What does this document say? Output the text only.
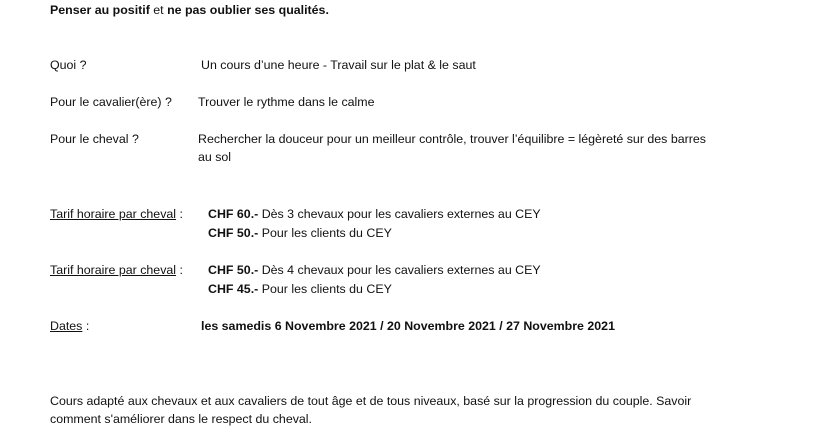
Penser au positif et ne pas oublier ses qualités.
Quoi ?	Un cours d’une heure - Travail sur le plat & le saut
Pour le cavalier(ère) ? Trouver le rythme dans le calme
Pour le cheval ?	Rechercher la douceur pour un meilleur contrôle, trouver l’équilibre = légèreté sur des barres
au sol
Tarif horaire par cheval : CHF 60.- Dès 3 chevaux pour les cavaliers externes au CEY
CHF 50.- Pour les clients du CEY
Tarif horaire par cheval : CHF 50.- Dès 4 chevaux pour les cavaliers externes au CEY
CHF 45.- Pour les clients du CEY
Dates :	les samedis 6 Novembre 2021 / 20 Novembre 2021 / 27 Novembre 2021
Cours adapté aux chevaux et aux cavaliers de tout âge et de tous niveaux, basé sur la progression du couple. Savoir
comment s'améliorer dans le respect du cheval.
